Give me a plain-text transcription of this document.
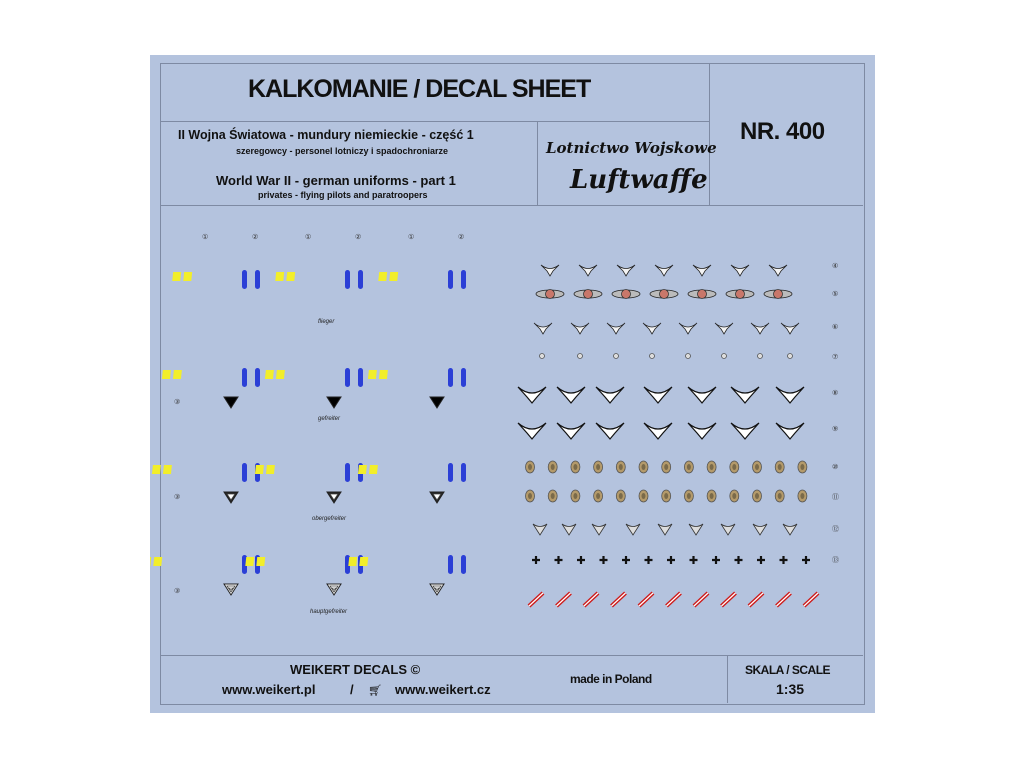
KALKOMANIE / DECAL SHEET
NR. 400
II Wojna Światowa - mundury niemieckie - część 1
szeregowcy - personel lotniczy i spadochroniarze
World War II - german uniforms - part 1
privates - flying pilots and paratroopers
Lotnictwo Wojskowe
Luftwaffe
flieger
gefreiter
obergefreiter
hauptgefreiter
①	②	①	②	①	②
③
③
③
④
⑤
⑥
⑦
⑧
⑨
⑩
⑪
⑫
⑬
WEIKERT DECALS ©
www.weikert.pl	/ 🛒︎ www.weikert.cz
made in Poland
SKALA / SCALE
1:35
